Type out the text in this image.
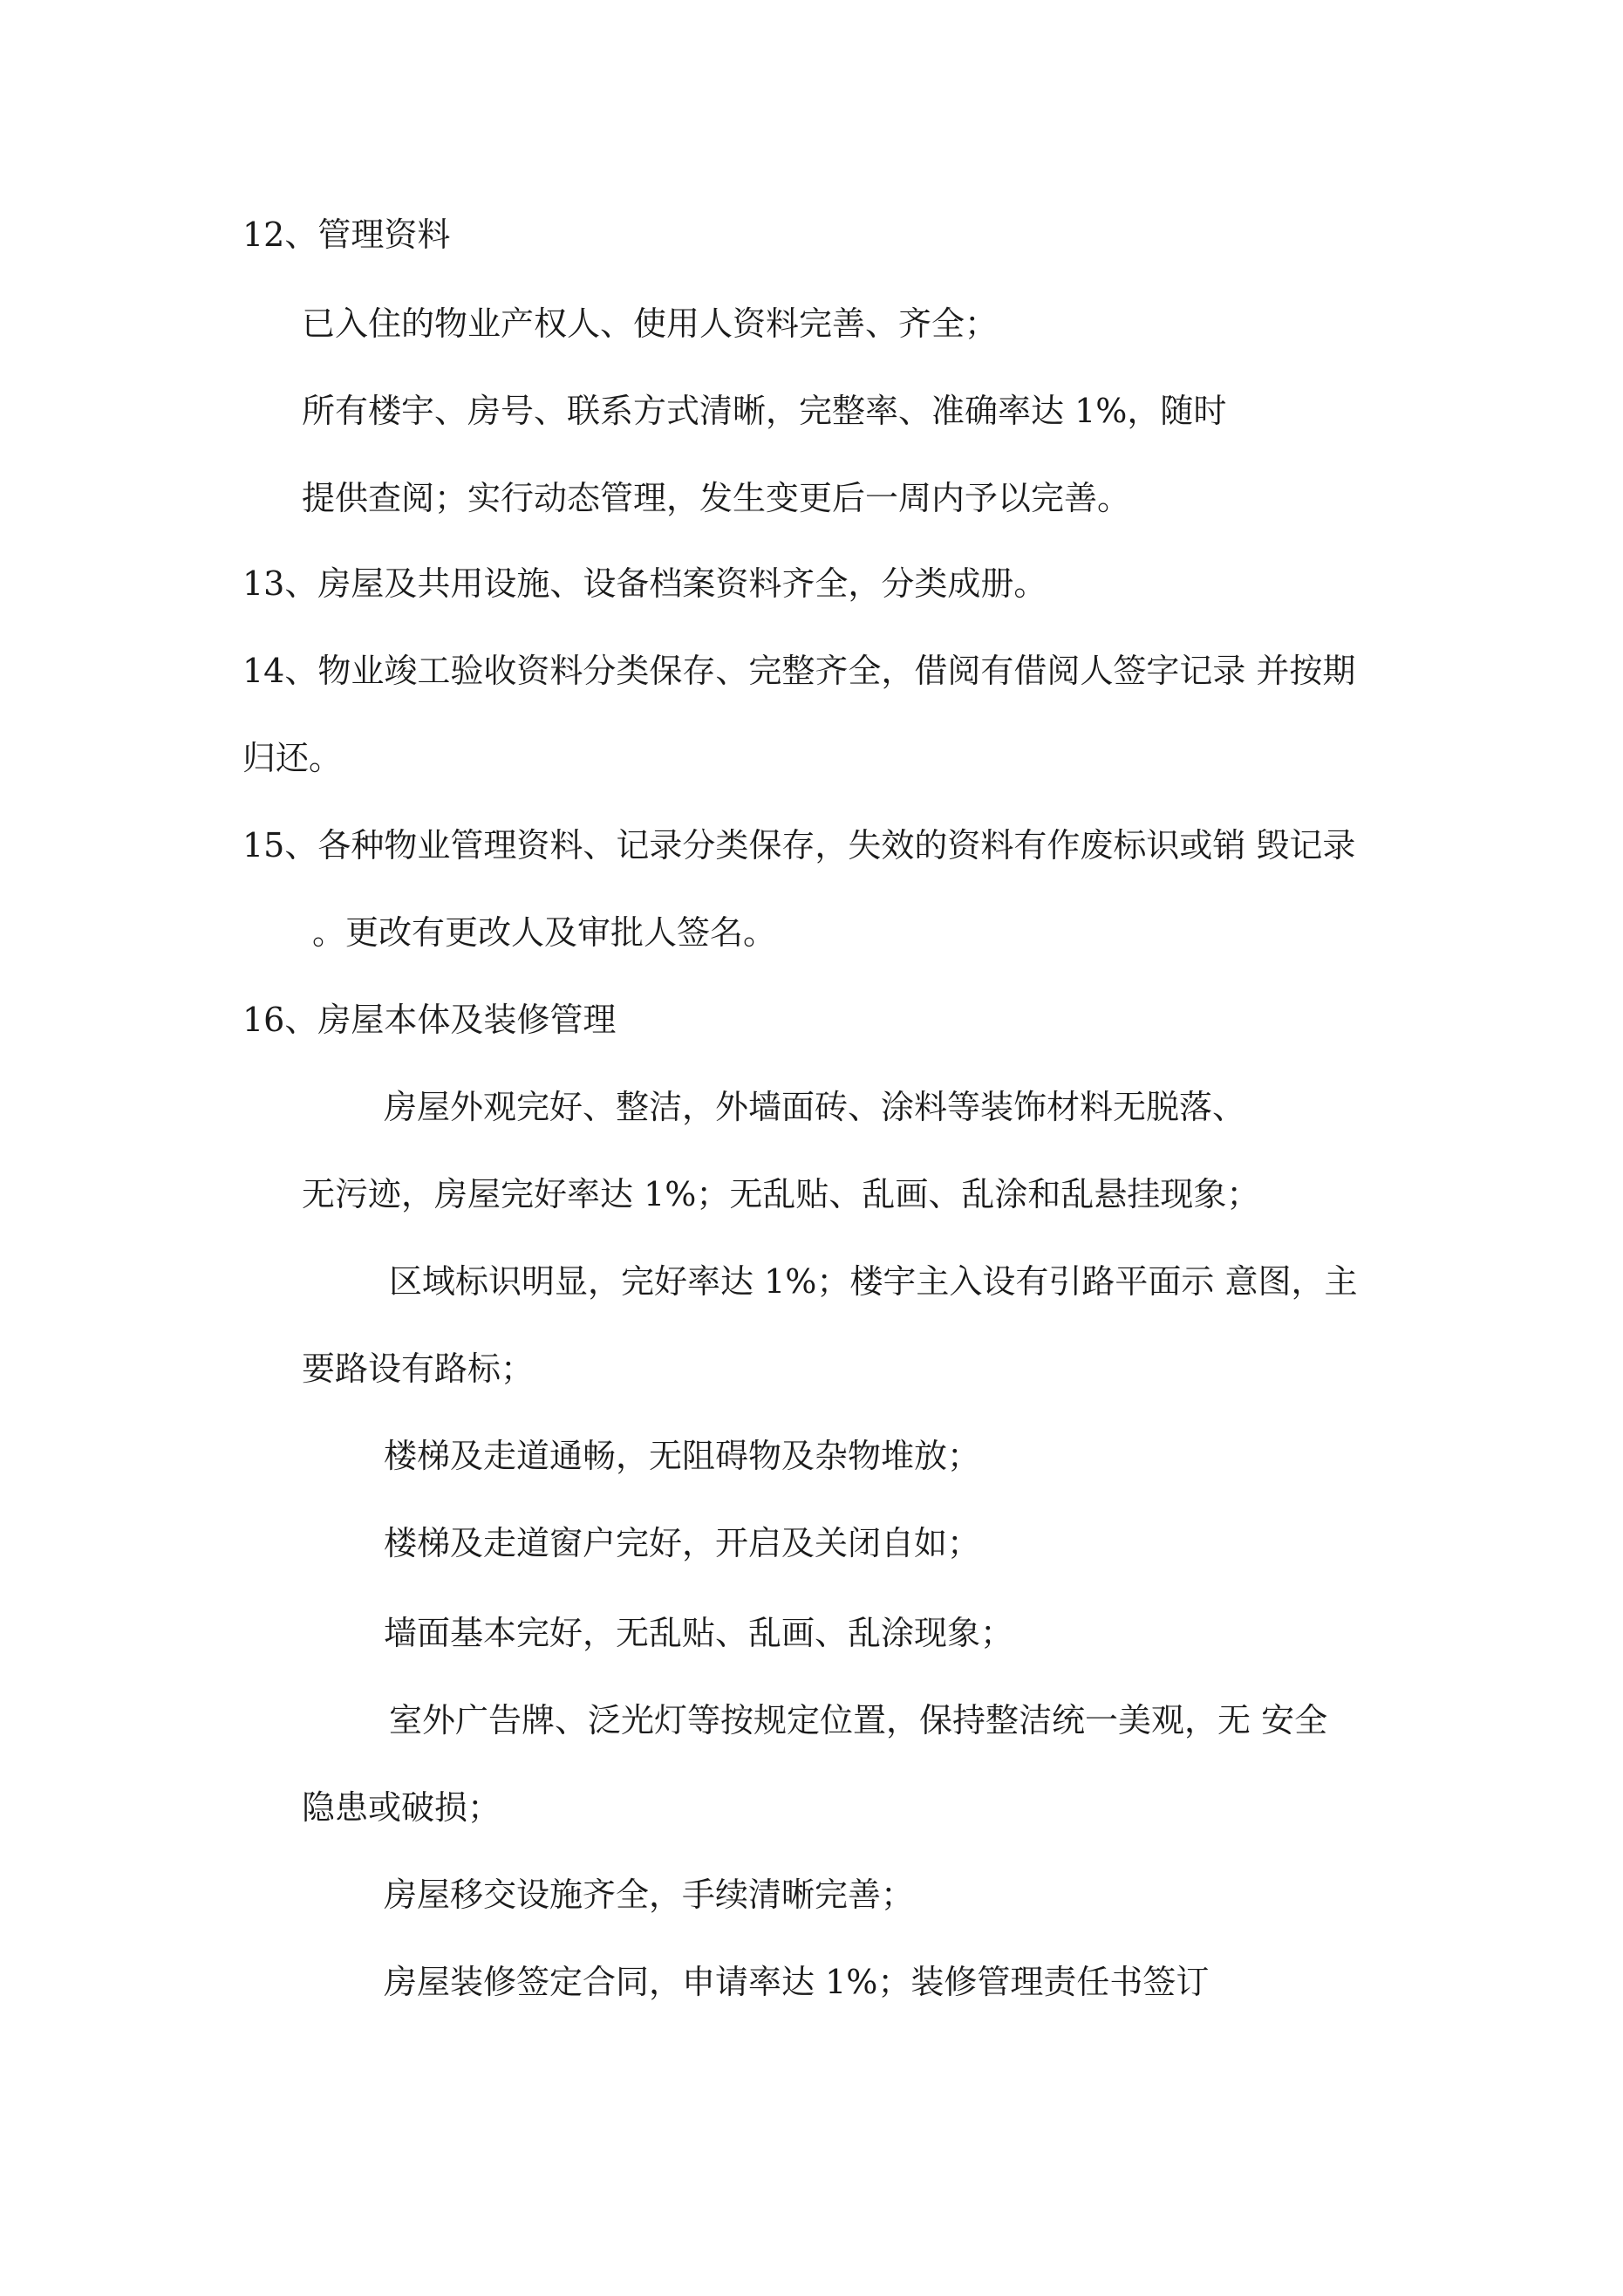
12、管理资料

已入住的物业产权人、使用人资料完善、齐全；

所有楼宇、房号、联系方式清晰，完整率、准确率达 1%，随时

提供查阅；实行动态管理，发生变更后一周内予以完善。

13、房屋及共用设施、设备档案资料齐全，分类成册。

14、物业竣工验收资料分类保存、完整齐全，借阅有借阅人签字记录 并按期

归还。

15、各种物业管理资料、记录分类保存，失效的资料有作废标识或销 毁记录

。更改有更改人及审批人签名。

16、房屋本体及装修管理

房屋外观完好、整洁，外墙面砖、涂料等装饰材料无脱落、

无污迹，房屋完好率达 1%；无乱贴、乱画、乱涂和乱悬挂现象；

区域标识明显，完好率达 1%；楼宇主入设有引路平面示 意图，主

要路设有路标；

楼梯及走道通畅，无阻碍物及杂物堆放；

楼梯及走道窗户完好，开启及关闭自如；

墙面基本完好，无乱贴、乱画、乱涂现象；

室外广告牌、泛光灯等按规定位置，保持整洁统一美观，无 安全

隐患或破损；

房屋移交设施齐全，手续清晰完善；

房屋装修签定合同，申请率达 1%；装修管理责任书签订
